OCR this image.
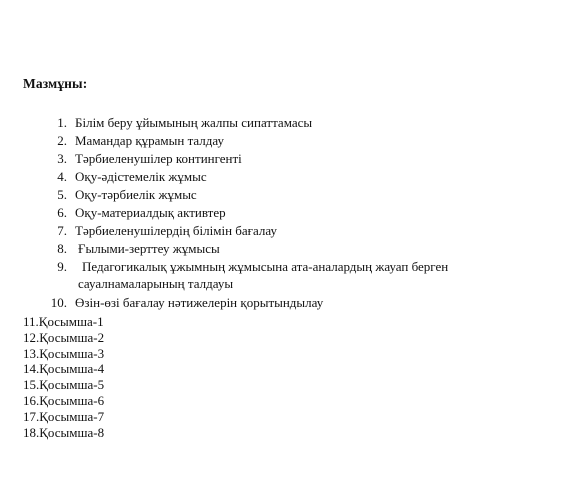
Мазмұны:
1. Білім беру ұйымының жалпы сипаттамасы
2. Мамандар құрамын талдау
3. Тәрбиеленушілер контингенті
4. Оқу-әдістемелік жұмыс
5. Оқу-тәрбиелік жұмыс
6. Оқу-материалдық активтер
7. Тәрбиеленушілердің білімін бағалау
8. Ғылыми-зерттеу жұмысы
9.	Педагогикалық ұжымның жұмысына ата-аналардың жауап берген сауалнамаларының талдауы
10. Өзін-өзі бағалау нәтижелерін қорытындылау
11.Қосымша-1
12.Қосымша-2
13.Қосымша-3
14.Қосымша-4
15.Қосымша-5
16.Қосымша-6
17.Қосымша-7
18.Қосымша-8
